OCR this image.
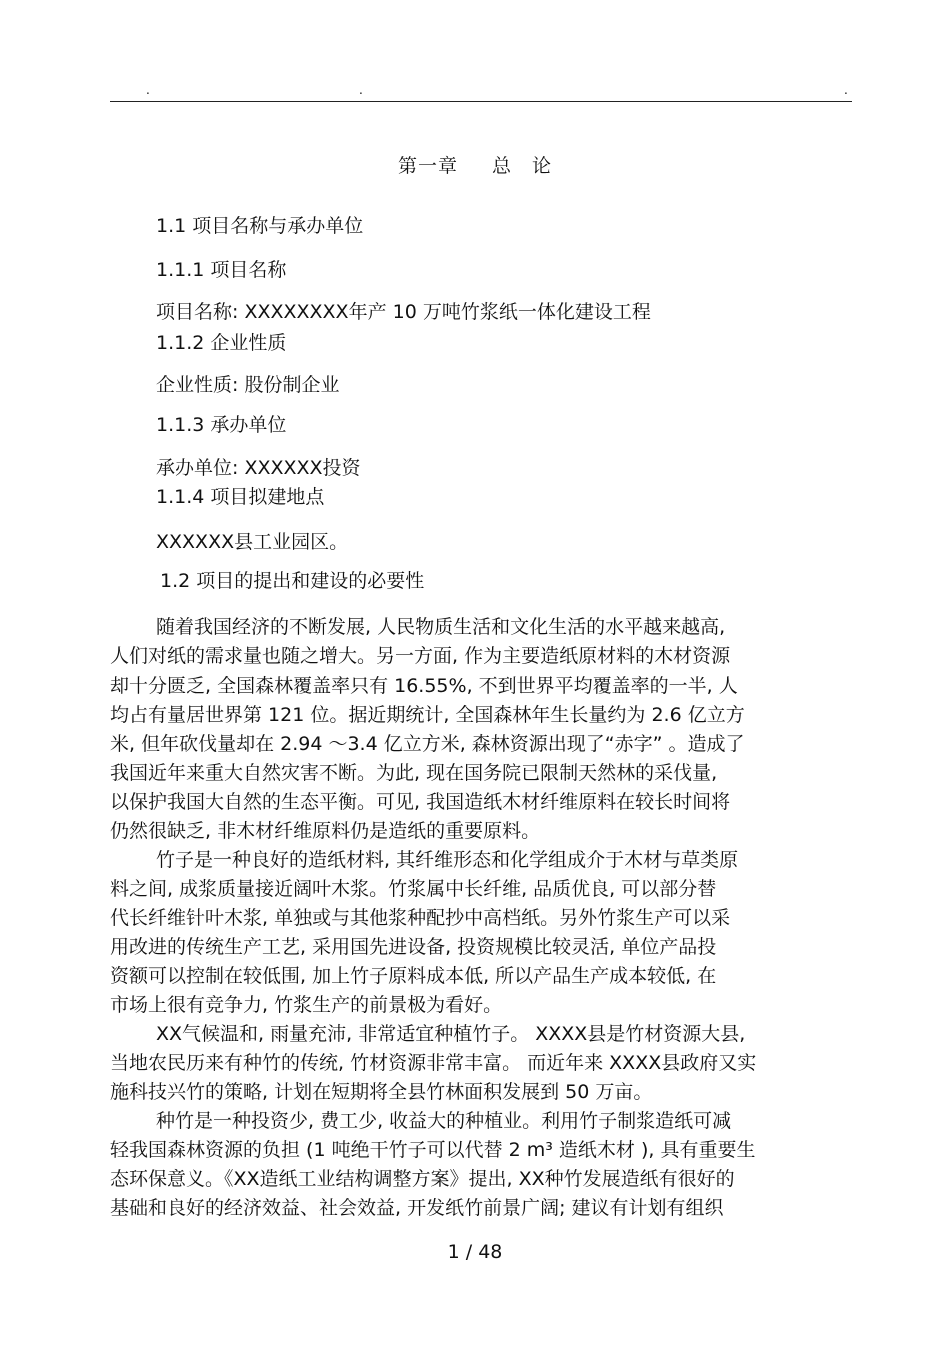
.	.	.
第一章 总 论
1.1 项目名称与承办单位
1.1.1 项目名称
项目名称: XXXXXXXX年产 10 万吨竹浆纸一体化建设工程
1.1.2 企业性质
企业性质: 股份制企业
1.1.3 承办单位
承办单位: XXXXXX投资
1.1.4 项目拟建地点
XXXXXX县工业园区。
1.2 项目的提出和建设的必要性
随着我国经济的不断发展, 人民物质生活和文化生活的水平越来越高,
人们对纸的需求量也随之增大。另一方面, 作为主要造纸原材料的木材资源
却十分匮乏, 全国森林覆盖率只有 16.55%, 不到世界平均覆盖率的一半, 人
均占有量居世界第 121 位。据近期统计, 全国森林年生长量约为 2.6 亿立方
米, 但年砍伐量却在 2.94 ～3.4 亿立方米, 森林资源出现了“赤字” 。造成了
我国近年来重大自然灾害不断。为此, 现在国务院已限制天然林的采伐量,
以保护我国大自然的生态平衡。可见, 我国造纸木材纤维原料在较长时间将
仍然很缺乏, 非木材纤维原料仍是造纸的重要原料。
竹子是一种良好的造纸材料, 其纤维形态和化学组成介于木材与草类原
料之间, 成浆质量接近阔叶木浆。竹浆属中长纤维, 品质优良, 可以部分替
代长纤维针叶木浆, 单独或与其他浆种配抄中高档纸。另外竹浆生产可以采
用改进的传统生产工艺, 采用国先进设备, 投资规模比较灵活, 单位产品投
资额可以控制在较低围, 加上竹子原料成本低, 所以产品生产成本较低, 在
市场上很有竞争力, 竹浆生产的前景极为看好。
XX气候温和, 雨量充沛, 非常适宜种植竹子。 XXXX县是竹材资源大县,
当地农民历来有种竹的传统, 竹材资源非常丰富。 而近年来 XXXX县政府又实
施科技兴竹的策略, 计划在短期将全县竹林面积发展到 50 万亩。
种竹是一种投资少, 费工少, 收益大的种植业。利用竹子制浆造纸可减
轻我国森林资源的负担 (1 吨绝干竹子可以代替 2 m³ 造纸木材 ), 具有重要生
态环保意义。《XX造纸工业结构调整方案》提出, XX种竹发展造纸有很好的
基础和良好的经济效益、社会效益, 开发纸竹前景广阔; 建议有计划有组织
1 / 48
